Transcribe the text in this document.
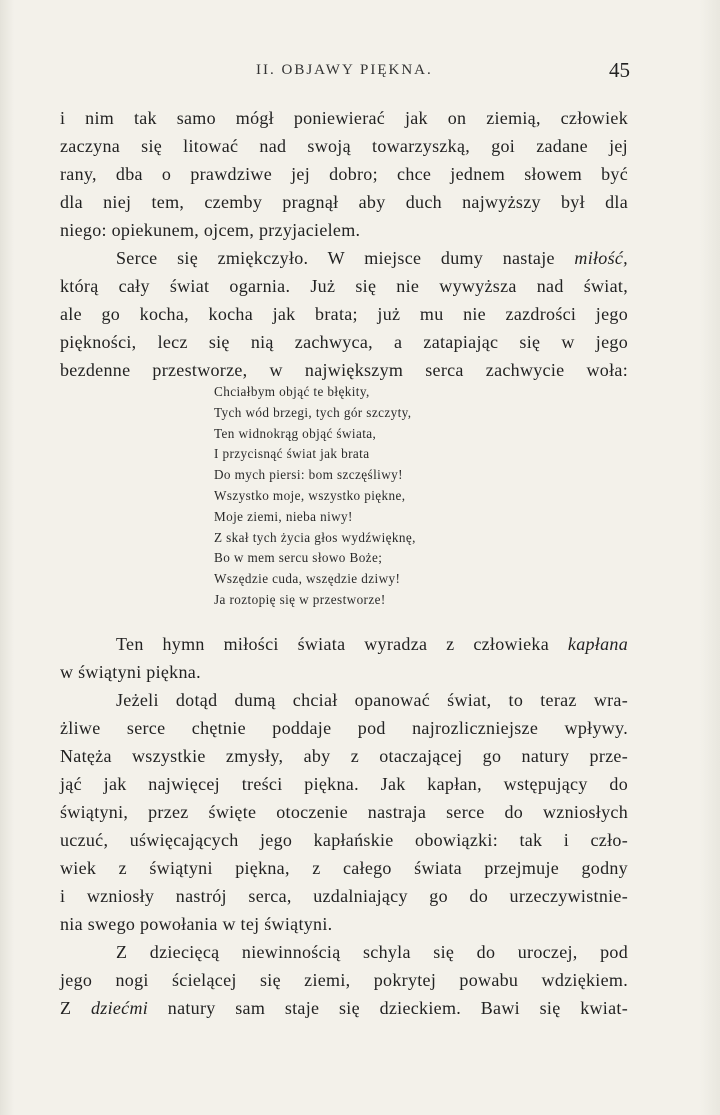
II. OBJAWY PIĘKNA.	45
i nim tak samo mógł poniewierać jak on ziemią, człowiek
zaczyna się litować nad swoją towarzyszką, goi zadane jej
rany, dba o prawdziwe jej dobro; chce jednem słowem być
dla niej tem, czemby pragnął aby duch najwyższy był dla
niego: opiekunem, ojcem, przyjacielem.
Serce się zmiękczyło. W miejsce dumy nastaje miłość,
którą cały świat ogarnia. Już się nie wywyższa nad świat,
ale go kocha, kocha jak brata; już mu nie zazdrości jego
piękności, lecz się nią zachwyca, a zatapiając się w jego
bezdenne przestworze, w największym serca zachwycie woła:
Chciałbym objąć te błękity,
Tych wód brzegi, tych gór szczyty,
Ten widnokrąg objąć świata,
I przycisnąć świat jak brata
Do mych piersi: bom szczęśliwy!
Wszystko moje, wszystko piękne,
Moje ziemi, nieba niwy!
Z skał tych życia głos wydźwięknę,
Bo w mem sercu słowo Boże;
Wszędzie cuda, wszędzie dziwy!
Ja roztopię się w przestworze!
Ten hymn miłości świata wyradza z człowieka kapłana
w świątyni piękna.
Jeżeli dotąd dumą chciał opanować świat, to teraz wra-
żliwe serce chętnie poddaje pod najrozliczniejsze wpływy.
Natęża wszystkie zmysły, aby z otaczającej go natury prze-
jąć jak najwięcej treści piękna. Jak kapłan, wstępujący do
świątyni, przez święte otoczenie nastraja serce do wzniosłych
uczuć, uświęcających jego kapłańskie obowiązki: tak i czło-
wiek z świątyni piękna, z całego świata przejmuje godny
i wzniosły nastrój serca, uzdalniający go do urzeczywistnie-
nia swego powołania w tej świątyni.
Z dziecięcą niewinnością schyla się do uroczej, pod
jego nogi ścielącej się ziemi, pokrytej powabu wdziękiem.
Z dziećmi natury sam staje się dzieckiem. Bawi się kwiat-
